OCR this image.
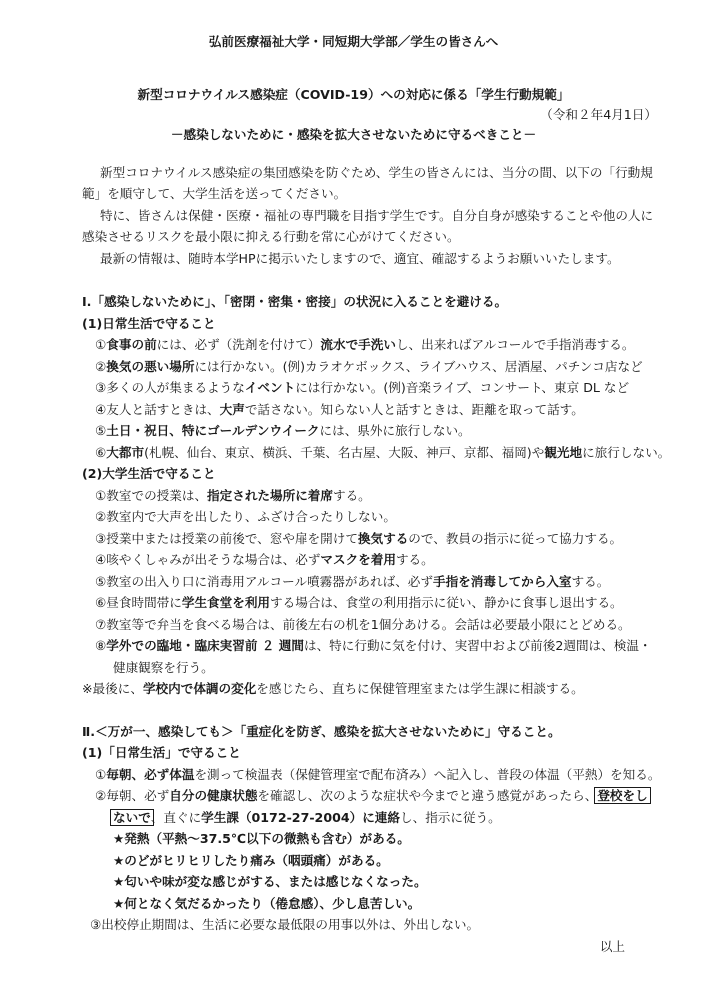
弘前医療福祉大学・同短期大学部／学生の皆さんへ
新型コロナウイルス感染症（COVID-19）への対応に係る「学生行動規範」
（令和２年4月1日）
－感染しないために・感染を拡大させないために守るべきこと－
新型コロナウイルス感染症の集団感染を防ぐため、学生の皆さんには、当分の間、以下の「行動規
範」を順守して、大学生活を送ってください。
特に、皆さんは保健・医療・福祉の専門職を目指す学生です。自分自身が感染することや他の人に
感染させるリスクを最小限に抑える行動を常に心がけてください。
最新の情報は、随時本学HPに掲示いたしますので、適宜、確認するようお願いいたします。
Ⅰ.「感染しないために」、「密閉・密集・密接」の状況に入ることを避ける。
(1)日常生活で守ること
①食事の前には、必ず（洗剤を付けて）流水で手洗いし、出来ればアルコールで手指消毒する。
②換気の悪い場所には行かない。(例)カラオケボックス、ライブハウス、居酒屋、パチンコ店など
③多くの人が集まるようなイベントには行かない。(例)音楽ライブ、コンサート、東京 DL など
④友人と話すときは、大声で話さない。知らない人と話すときは、距離を取って話す。
⑤土日・祝日、特にゴールデンウイークには、県外に旅行しない。
⑥大都市(札幌、仙台、東京、横浜、千葉、名古屋、大阪、神戸、京都、福岡)や観光地に旅行しない。
(2)大学生活で守ること
①教室での授業は、指定された場所に着席する。
②教室内で大声を出したり、ふざけ合ったりしない。
③授業中または授業の前後で、窓や扉を開けて換気するので、教員の指示に従って協力する。
④咳やくしゃみが出そうな場合は、必ずマスクを着用する。
⑤教室の出入り口に消毒用アルコール噴霧器があれば、必ず手指を消毒してから入室する。
⑥昼食時間帯に学生食堂を利用する場合は、食堂の利用指示に従い、静かに食事し退出する。
⑦教室等で弁当を食べる場合は、前後左右の机を1個分あける。会話は必要最小限にとどめる。
⑧学外での臨地・臨床実習前 ２ 週間は、特に行動に気を付け、実習中および前後2週間は、検温・
健康観察を行う。
※最後に、学校内で体調の変化を感じたら、直ちに保健管理室または学生課に相談する。
Ⅱ.＜万が一、感染しても＞「重症化を防ぎ、感染を拡大させないために」守ること。
(1)「日常生活」で守ること
①毎朝、必ず体温を測って検温表（保健管理室で配布済み）へ記入し、普段の体温（平熱）を知る。
②毎朝、必ず自分の健康状態を確認し、次のような症状や今までと違う感覚があったら、登校をし
ないで、直ぐに学生課（0172-27-2004）に連絡し、指示に従う。
★発熱（平熱～37.5℃以下の微熱も含む）がある。
★のどがヒリヒリしたり痛み（咽頭痛）がある。
★匂いや味が変な感じがする、または感じなくなった。
★何となく気だるかったり（倦怠感）、少し息苦しい。
③出校停止期間は、生活に必要な最低限の用事以外は、外出しない。
以上
